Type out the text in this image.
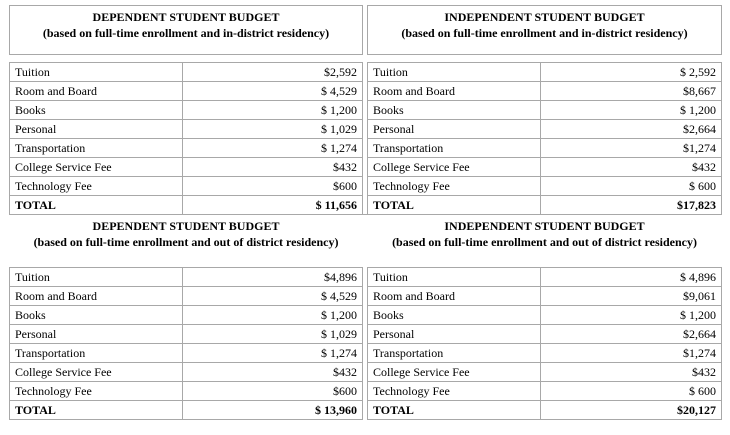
DEPENDENT STUDENT BUDGET
(based on full-time enrollment and in-district residency)
Tuition	$2,592
Room and Board	$ 4,529
Books	$ 1,200
Personal	$ 1,029
Transportation	$ 1,274
College Service Fee	$432
Technology Fee	$600
TOTAL	$ 11,656
INDEPENDENT STUDENT BUDGET
(based on full-time enrollment and in-district residency)
Tuition	$ 2,592
Room and Board	$8,667
Books	$ 1,200
Personal	$2,664
Transportation	$1,274
College Service Fee	$432
Technology Fee	$ 600
TOTAL	$17,823
DEPENDENT STUDENT BUDGET
(based on full-time enrollment and out of district residency)
Tuition	$4,896
Room and Board	$ 4,529
Books	$ 1,200
Personal	$ 1,029
Transportation	$ 1,274
College Service Fee	$432
Technology Fee	$600
TOTAL	$ 13,960
INDEPENDENT STUDENT BUDGET
(based on full-time enrollment and out of district residency)
Tuition	$ 4,896
Room and Board	$9,061
Books	$ 1,200
Personal	$2,664
Transportation	$1,274
College Service Fee	$432
Technology Fee	$ 600
TOTAL	$20,127
